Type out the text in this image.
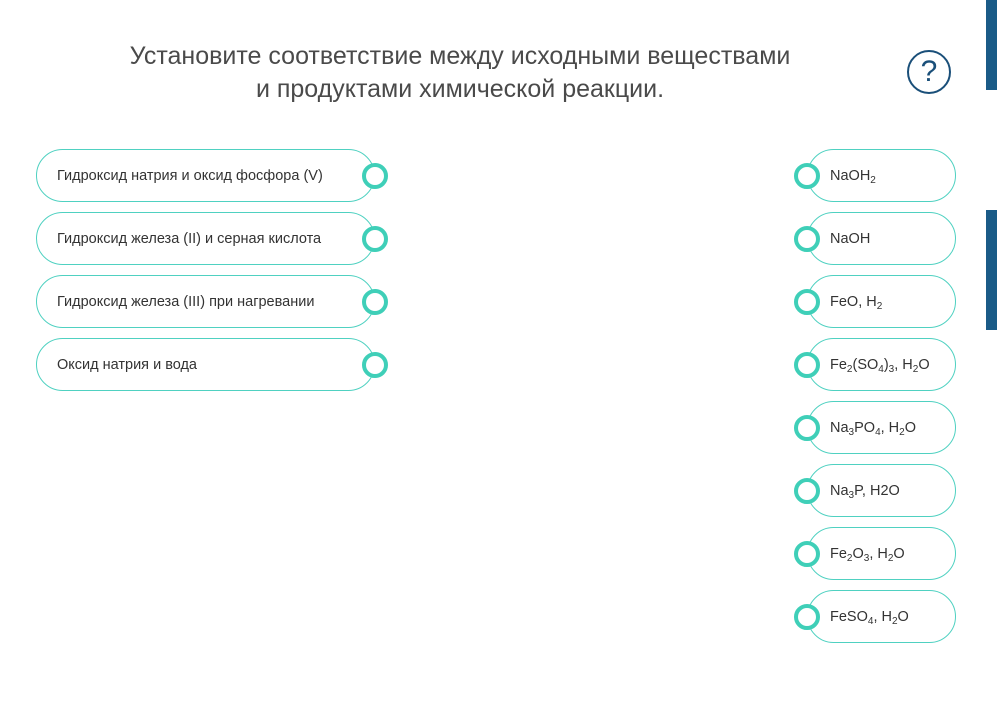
Установите соответствие между исходными веществами
и продуктами химической реакции.
?
Гидроксид натрия и оксид фосфора (V)
Гидроксид железа (II) и серная кислота
Гидроксид железа (III) при нагревании
Оксид натрия и вода
NaOH$_2$
NaOH
FeO, $H_2$
$Fe_2(SO_4)_3$, $H_2O$
$Na_3PO_4$, $H_2O$
$Na_3P$, H2O
$Fe_2O_3$, $H_2O$
FeSO$_4$, $H_2O$
